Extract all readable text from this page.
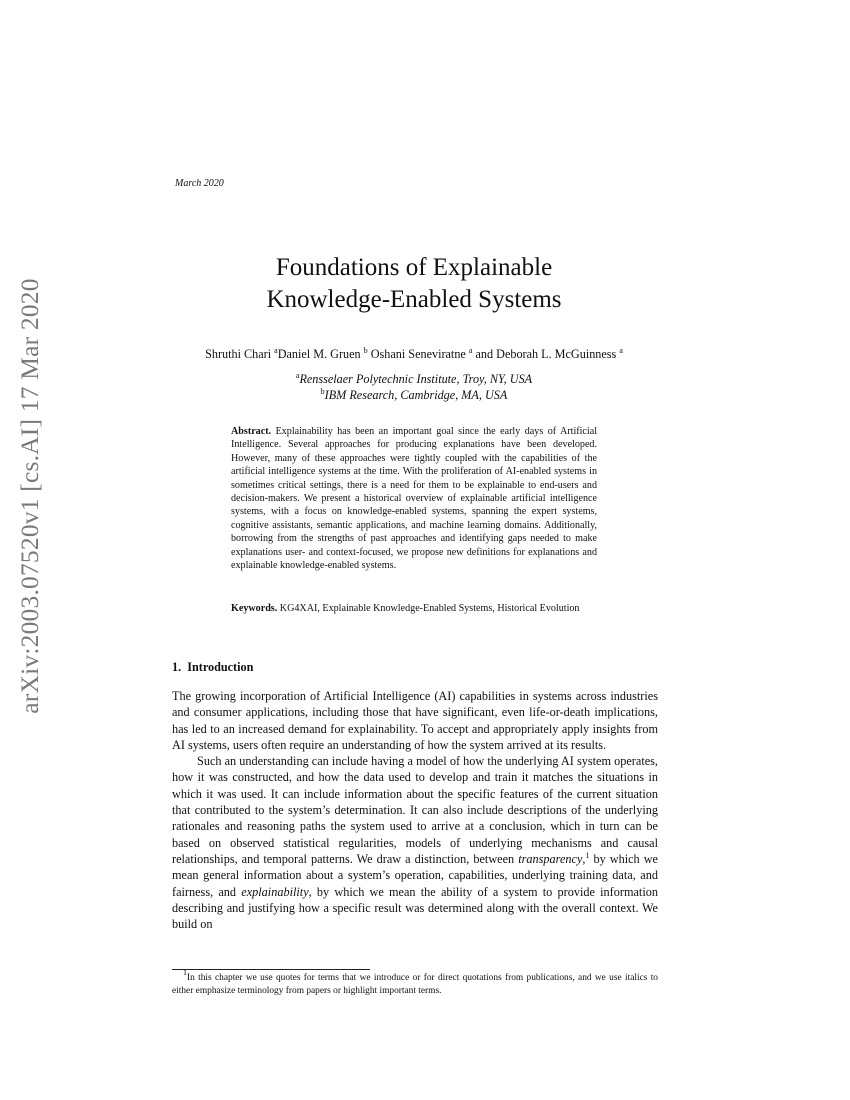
arXiv:2003.07520v1 [cs.AI] 17 Mar 2020
March 2020
Foundations of Explainable
Knowledge-Enabled Systems
Shruthi Chari $^a$Daniel M. Gruen $^b$ Oshani Seneviratne $^a$ and Deborah L. McGuinness $^a$
$^a$Rensselaer Polytechnic Institute, Troy, NY, USA
$^b$IBM Research, Cambridge, MA, USA
Abstract. Explainability has been an important goal since the early days of Artificial Intelligence. Several approaches for producing explanations have been developed. However, many of these approaches were tightly coupled with the capabilities of the artificial intelligence systems at the time. With the proliferation of AI-enabled systems in sometimes critical settings, there is a need for them to be explainable to end-users and decision-makers. We present a historical overview of explainable artificial intelligence systems, with a focus on knowledge-enabled systems, spanning the expert systems, cognitive assistants, semantic applications, and machine learning domains. Additionally, borrowing from the strengths of past approaches and identifying gaps needed to make explanations user- and context-focused, we propose new definitions for explanations and explainable knowledge-enabled systems.
Keywords. KG4XAI, Explainable Knowledge-Enabled Systems, Historical Evolution
1. Introduction

The growing incorporation of Artificial Intelligence (AI) capabilities in systems across industries and consumer applications, including those that have significant, even life-or-death implications, has led to an increased demand for explainability. To accept and appropriately apply insights from AI systems, users often require an understanding of how the system arrived at its results.

Such an understanding can include having a model of how the underlying AI system operates, how it was constructed, and how the data used to develop and train it matches the situations in which it was used. It can include information about the specific features of the current situation that contributed to the system’s determination. It can also include descriptions of the underlying rationales and reasoning paths the system used to arrive at a conclusion, which in turn can be based on observed statistical regularities, models of underlying mechanisms and causal relationships, and temporal patterns. We draw a distinction, between transparency,$^1$ by which we mean general information about a system’s operation, capabilities, underlying training data, and fairness, and explainability, by which we mean the ability of a system to provide information describing and justifying how a specific result was determined along with the overall context. We build on

$^1$In this chapter we use quotes for terms that we introduce or for direct quotations from publications, and we use italics to either emphasize terminology from papers or highlight important terms.
